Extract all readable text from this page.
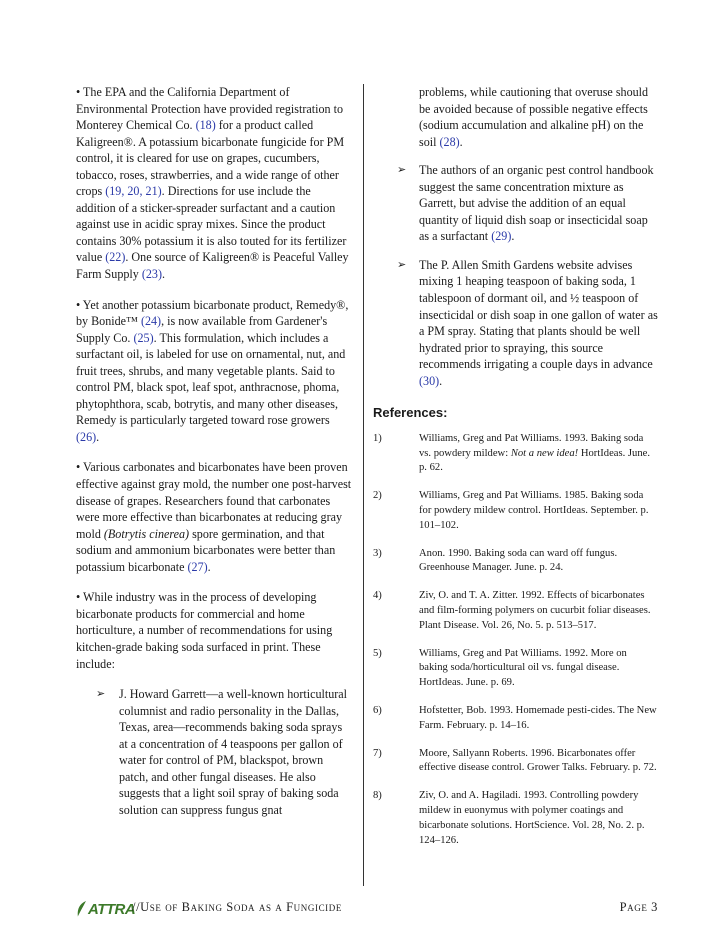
• The EPA and the California Department of Environmental Protection have provided registration to Monterey Chemical Co. (18) for a product called Kaligreen®. A potassium bicarbonate fungicide for PM control, it is cleared for use on grapes, cucumbers, tobacco, roses, strawberries, and a wide range of other crops (19, 20, 21). Directions for use include the addition of a sticker-spreader surfactant and a caution against use in acidic spray mixes. Since the product contains 30% potassium it is also touted for its fertilizer value (22). One source of Kaligreen® is Peaceful Valley Farm Supply (23).

• Yet another potassium bicarbonate product, Remedy®, by Bonide™ (24), is now available from Gardener's Supply Co. (25). This formulation, which includes a surfactant oil, is labeled for use on ornamental, nut, and fruit trees, shrubs, and many vegetable plants. Said to control PM, black spot, leaf spot, anthracnose, phoma, phytophthora, scab, botrytis, and many other diseases, Remedy is particularly targeted toward rose growers (26).

• Various carbonates and bicarbonates have been proven effective against gray mold, the number one post-harvest disease of grapes. Researchers found that carbonates were more effective than bicarbonates at reducing gray mold (Botrytis cinerea) spore germination, and that sodium and ammonium bicarbonates were better than potassium bicarbonate (27).

• While industry was in the process of developing bicarbonate products for commercial and home horticulture, a number of recommendations for using kitchen-grade baking soda surfaced in print. These include:

➢ J. Howard Garrett—a well-known horticultural columnist and radio personality in the Dallas, Texas, area—recommends baking soda sprays at a concentration of 4 teaspoons per gallon of water for control of PM, blackspot, brown patch, and other fungal diseases. He also suggests that a light soil spray of baking soda solution can suppress fungus gnat
problems, while cautioning that overuse should be avoided because of possible negative effects (sodium accumulation and alkaline pH) on the soil (28).
➢ The authors of an organic pest control handbook suggest the same concentration mixture as Garrett, but advise the addition of an equal quantity of liquid dish soap or insecticidal soap as a surfactant (29).
➢ The P. Allen Smith Gardens website advises mixing 1 heaping teaspoon of baking soda, 1 tablespoon of dormant oil, and ½ teaspoon of insecticidal or dish soap in one gallon of water as a PM spray. Stating that plants should be well hydrated prior to spraying, this source recommends irrigating a couple days in advance (30).
References:
1)	Williams, Greg and Pat Williams. 1993. Baking soda vs. powdery mildew: Not a new idea! HortIdeas. June. p. 62.
2)	Williams, Greg and Pat Williams. 1985. Baking soda for powdery mildew control. HortIdeas. September. p. 101–102.
3)	Anon. 1990. Baking soda can ward off fungus. Greenhouse Manager. June. p. 24.
4)	Ziv, O. and T. A. Zitter. 1992. Effects of bicarbonates and film-forming polymers on cucurbit foliar diseases. Plant Disease. Vol. 26, No. 5. p. 513–517.
5)	Williams, Greg and Pat Williams. 1992. More on baking soda/horticultural oil vs. fungal disease. HortIdeas. June. p. 69.
6)	Hofstetter, Bob. 1993. Homemade pesti-cides. The New Farm. February. p. 14–16.
7)	Moore, Sallyann Roberts. 1996. Bicarbonates offer effective disease control. Grower Talks. February. p. 72.
8)	Ziv, O. and A. Hagiladi. 1993. Controlling powdery mildew in euonymus with polymer coatings and bicarbonate solutions. HortScience. Vol. 28, No. 2. p. 124–126.
ATTRA
//Use of Baking Soda as a Fungicide	Page 3
